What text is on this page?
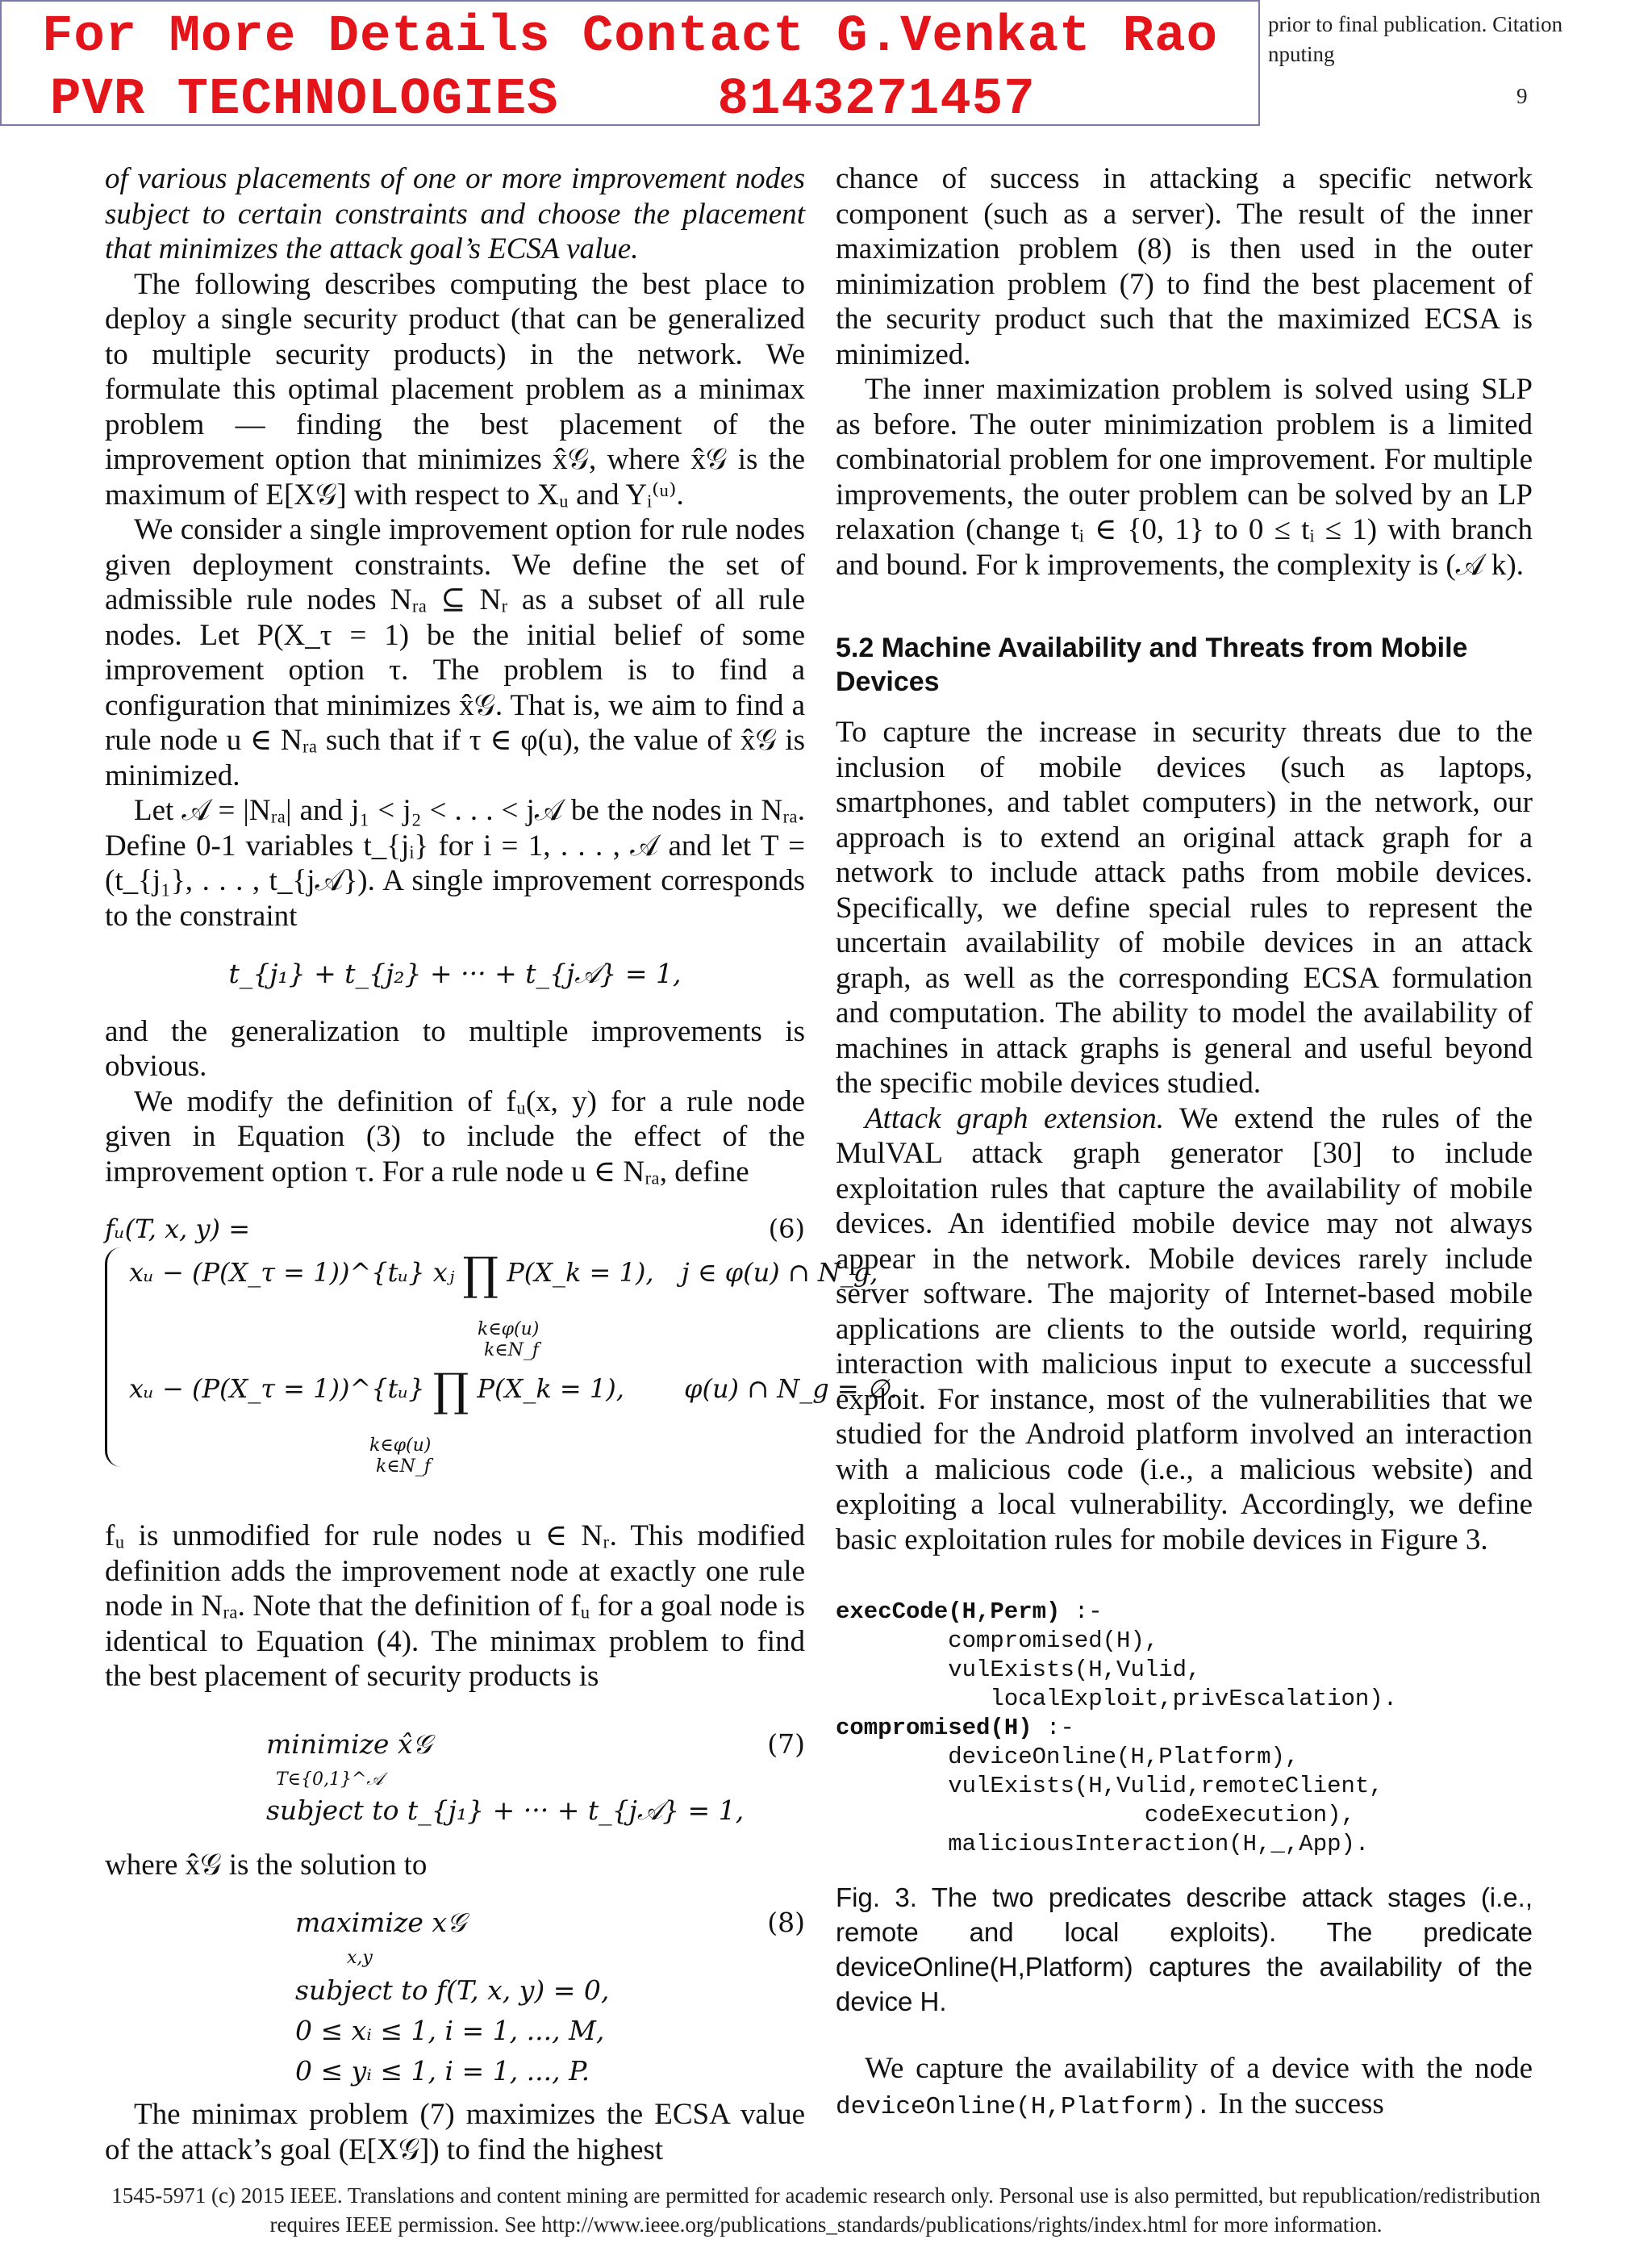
For More Details Contact G.Venkat Rao
PVR TECHNOLOGIES	8143271457
prior to final publication. Citation
nputing
9

of various placements of one or more improvement nodes subject to certain constraints and choose the placement that minimizes the attack goal’s ECSA value.

The following describes computing the best place to deploy a single security product (that can be generalized to multiple security products) in the network. We formulate this optimal placement problem as a minimax problem — finding the best placement of the improvement option that minimizes x̂𝒢, where x̂𝒢 is the maximum of E[X𝒢] with respect to Xᵤ and Yᵢ⁽ᵘ⁾.

We consider a single improvement option for rule nodes given deployment constraints. We define the set of admissible rule nodes Nᵣₐ ⊆ Nᵣ as a subset of all rule nodes. Let P(X_τ = 1) be the initial belief of some improvement option τ. The problem is to find a configuration that minimizes x̂𝒢. That is, we aim to find a rule node u ∈ Nᵣₐ such that if τ ∈ φ(u), the value of x̂𝒢 is minimized.

Let 𝒜 = |Nᵣₐ| and j₁ < j₂ < . . . < j𝒜 be the nodes in Nᵣₐ. Define 0-1 variables t_{jᵢ} for i = 1, . . . , 𝒜 and let T = (t_{j₁}, . . . , t_{j𝒜}). A single improvement corresponds to the constraint

t_{j₁} + t_{j₂} + ··· + t_{j𝒜} = 1,

and the generalization to multiple improvements is obvious.

We modify the definition of fᵤ(x, y) for a rule node given in Equation (3) to include the effect of the improvement option τ. For a rule node u ∈ Nᵣₐ, define

fᵤ(T, x, y) =	(6)
xᵤ − (P(X_τ = 1))^{tᵤ} xⱼ ∏ P(X_k = 1), j ∈ φ(u) ∩ N_g,
k∈φ(u)
k∈N_f
xᵤ − (P(X_τ = 1))^{tᵤ} ∏ P(X_k = 1), φ(u) ∩ N_g = ∅.
k∈φ(u)
k∈N_f

fᵤ is unmodified for rule nodes u ∈ Nᵣ. This modified definition adds the improvement node at exactly one rule node in Nᵣₐ. Note that the definition of fᵤ for a goal node is identical to Equation (4). The minimax problem to find the best placement of security products is

minimize x̂𝒢
T∈{0,1}^𝒜
subject to t_{j₁} + ··· + t_{j𝒜} = 1,
(7)

where x̂𝒢 is the solution to

maximize x𝒢
x,y
subject to f(T, x, y) = 0,
0 ≤ xᵢ ≤ 1, i = 1, ..., M,
0 ≤ yᵢ ≤ 1, i = 1, ..., P.
(8)

The minimax problem (7) maximizes the ECSA value of the attack’s goal (E[X𝒢]) to find the highest

chance of success in attacking a specific network component (such as a server). The result of the inner maximization problem (8) is then used in the outer minimization problem (7) to find the best placement of the security product such that the maximized ECSA is minimized.

The inner maximization problem is solved using SLP as before. The outer minimization problem is a limited combinatorial problem for one improvement. For multiple improvements, the outer problem can be solved by an LP relaxation (change tᵢ ∈ {0, 1} to 0 ≤ tᵢ ≤ 1) with branch and bound. For k improvements, the complexity is (𝒜 k).

5.2 Machine Availability and Threats from Mobile Devices

To capture the increase in security threats due to the inclusion of mobile devices (such as laptops, smartphones, and tablet computers) in the network, our approach is to extend an original attack graph for a network to include attack paths from mobile devices. Specifically, we define special rules to represent the uncertain availability of mobile devices in an attack graph, as well as the corresponding ECSA formulation and computation. The ability to model the availability of machines in attack graphs is general and useful beyond the specific mobile devices studied.

Attack graph extension. We extend the rules of the MulVAL attack graph generator [30] to include exploitation rules that capture the availability of mobile devices. An identified mobile device may not always appear in the network. Mobile devices rarely include server software. The majority of Internet-based mobile applications are clients to the outside world, requiring interaction with malicious input to execute a successful exploit. For instance, most of the vulnerabilities that we studied for the Android platform involved an interaction with a malicious code (i.e., a malicious website) and exploiting a local vulnerability. Accordingly, we define basic exploitation rules for mobile devices in Figure 3.

execCode(H,Perm) :-
compromised(H),
vulExists(H,Vulid,
localExploit,privEscalation).
compromised(H) :-
deviceOnline(H,Platform),
vulExists(H,Vulid,remoteClient,
codeExecution),
maliciousInteraction(H,_,App).
Fig. 3. The two predicates describe attack stages (i.e., remote and local exploits). The predicate deviceOnline(H,Platform) captures the availability of the device H.

We capture the availability of a device with the node deviceOnline(H,Platform). In the success

1545-5971 (c) 2015 IEEE. Translations and content mining are permitted for academic research only. Personal use is also permitted, but republication/redistribution
requires IEEE permission. See http://www.ieee.org/publications_standards/publications/rights/index.html for more information.
